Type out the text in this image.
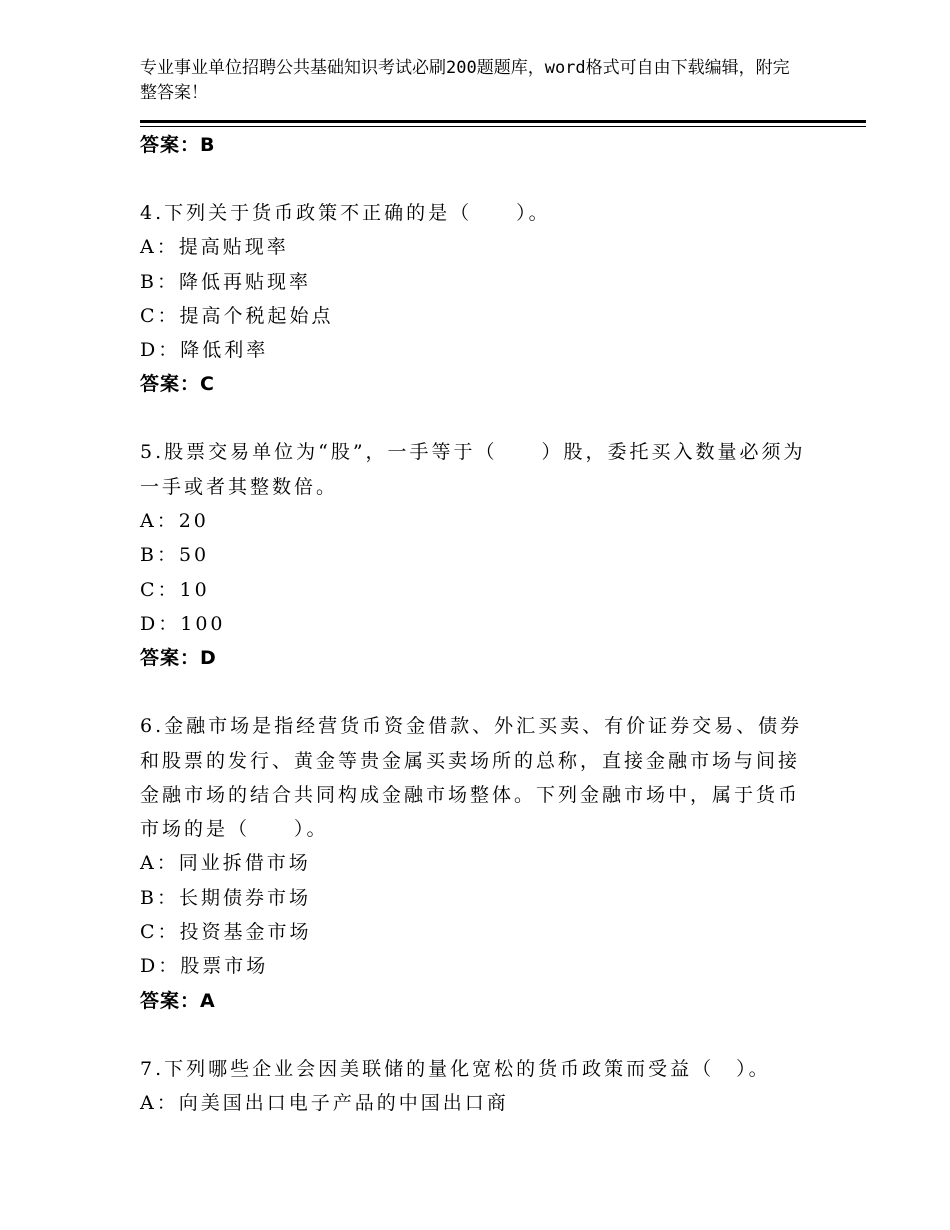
专业事业单位招聘公共基础知识考试必刷200题题库，word格式可自由下载编辑，附完整答案！
答案：B
4.下列关于货币政策不正确的是（　　）。
A：提高贴现率
B：降低再贴现率
C：提高个税起始点
D：降低利率
答案：C
5.股票交易单位为“股”，一手等于（　　）股，委托买入数量必须为一手或者其整数倍。
A：20
B：50
C：10
D：100
答案：D
6.金融市场是指经营货币资金借款、外汇买卖、有价证券交易、债券和股票的发行、黄金等贵金属买卖场所的总称，直接金融市场与间接金融市场的结合共同构成金融市场整体。下列金融市场中，属于货币市场的是（　　）。
A：同业拆借市场
B：长期债券市场
C：投资基金市场
D：股票市场
答案：A
7.下列哪些企业会因美联储的量化宽松的货币政策而受益（　）。
A：向美国出口电子产品的中国出口商
